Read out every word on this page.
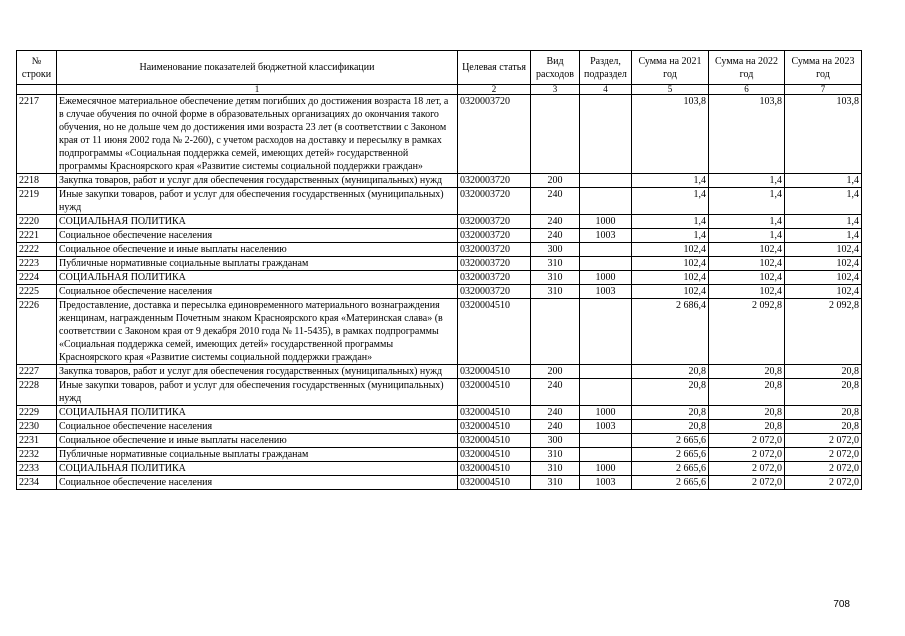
№ строки	Наименование показателей бюджетной классификации	Целевая статья	Вид расходов	Раздел, подраздел	Сумма на 2021 год	Сумма на 2022 год	Сумма на 2023 год
	1	2	3	4	5	6	7
2217	Ежемесячное материальное обеспечение детям погибших до достижения возраста 18 лет, а в случае обучения по очной форме в образовательных организациях до окончания такого обучения, но не дольше чем до достижения ими возраста 23 лет (в соответствии с Законом края от 11 июня 2002 года № 2-260), с учетом расходов на доставку и пересылку в рамках подпрограммы «Социальная поддержка семей, имеющих детей» государственной программы Красноярского края «Развитие системы социальной поддержки граждан»	0320003720			103,8	103,8	103,8
2218	Закупка товаров, работ и услуг для обеспечения государственных (муниципальных) нужд	0320003720	200		1,4	1,4	1,4
2219	Иные закупки товаров, работ и услуг для обеспечения государственных (муниципальных) нужд	0320003720	240		1,4	1,4	1,4
2220	СОЦИАЛЬНАЯ ПОЛИТИКА	0320003720	240	1000	1,4	1,4	1,4
2221	Социальное обеспечение населения	0320003720	240	1003	1,4	1,4	1,4
2222	Социальное обеспечение и иные выплаты населению	0320003720	300		102,4	102,4	102,4
2223	Публичные нормативные социальные выплаты гражданам	0320003720	310		102,4	102,4	102,4
2224	СОЦИАЛЬНАЯ ПОЛИТИКА	0320003720	310	1000	102,4	102,4	102,4
2225	Социальное обеспечение населения	0320003720	310	1003	102,4	102,4	102,4
2226	Предоставление, доставка и пересылка единовременного материального вознаграждения женщинам, награжденным Почетным знаком Красноярского края «Материнская слава» (в соответствии с Законом края от 9 декабря 2010 года № 11-5435), в рамках подпрограммы «Социальная поддержка семей, имеющих детей» государственной программы Красноярского края «Развитие системы социальной поддержки граждан»	0320004510			2 686,4	2 092,8	2 092,8
2227	Закупка товаров, работ и услуг для обеспечения государственных (муниципальных) нужд	0320004510	200		20,8	20,8	20,8
2228	Иные закупки товаров, работ и услуг для обеспечения государственных (муниципальных) нужд	0320004510	240		20,8	20,8	20,8
2229	СОЦИАЛЬНАЯ ПОЛИТИКА	0320004510	240	1000	20,8	20,8	20,8
2230	Социальное обеспечение населения	0320004510	240	1003	20,8	20,8	20,8
2231	Социальное обеспечение и иные выплаты населению	0320004510	300		2 665,6	2 072,0	2 072,0
2232	Публичные нормативные социальные выплаты гражданам	0320004510	310		2 665,6	2 072,0	2 072,0
2233	СОЦИАЛЬНАЯ ПОЛИТИКА	0320004510	310	1000	2 665,6	2 072,0	2 072,0
2234	Социальное обеспечение населения	0320004510	310	1003	2 665,6	2 072,0	2 072,0
708
